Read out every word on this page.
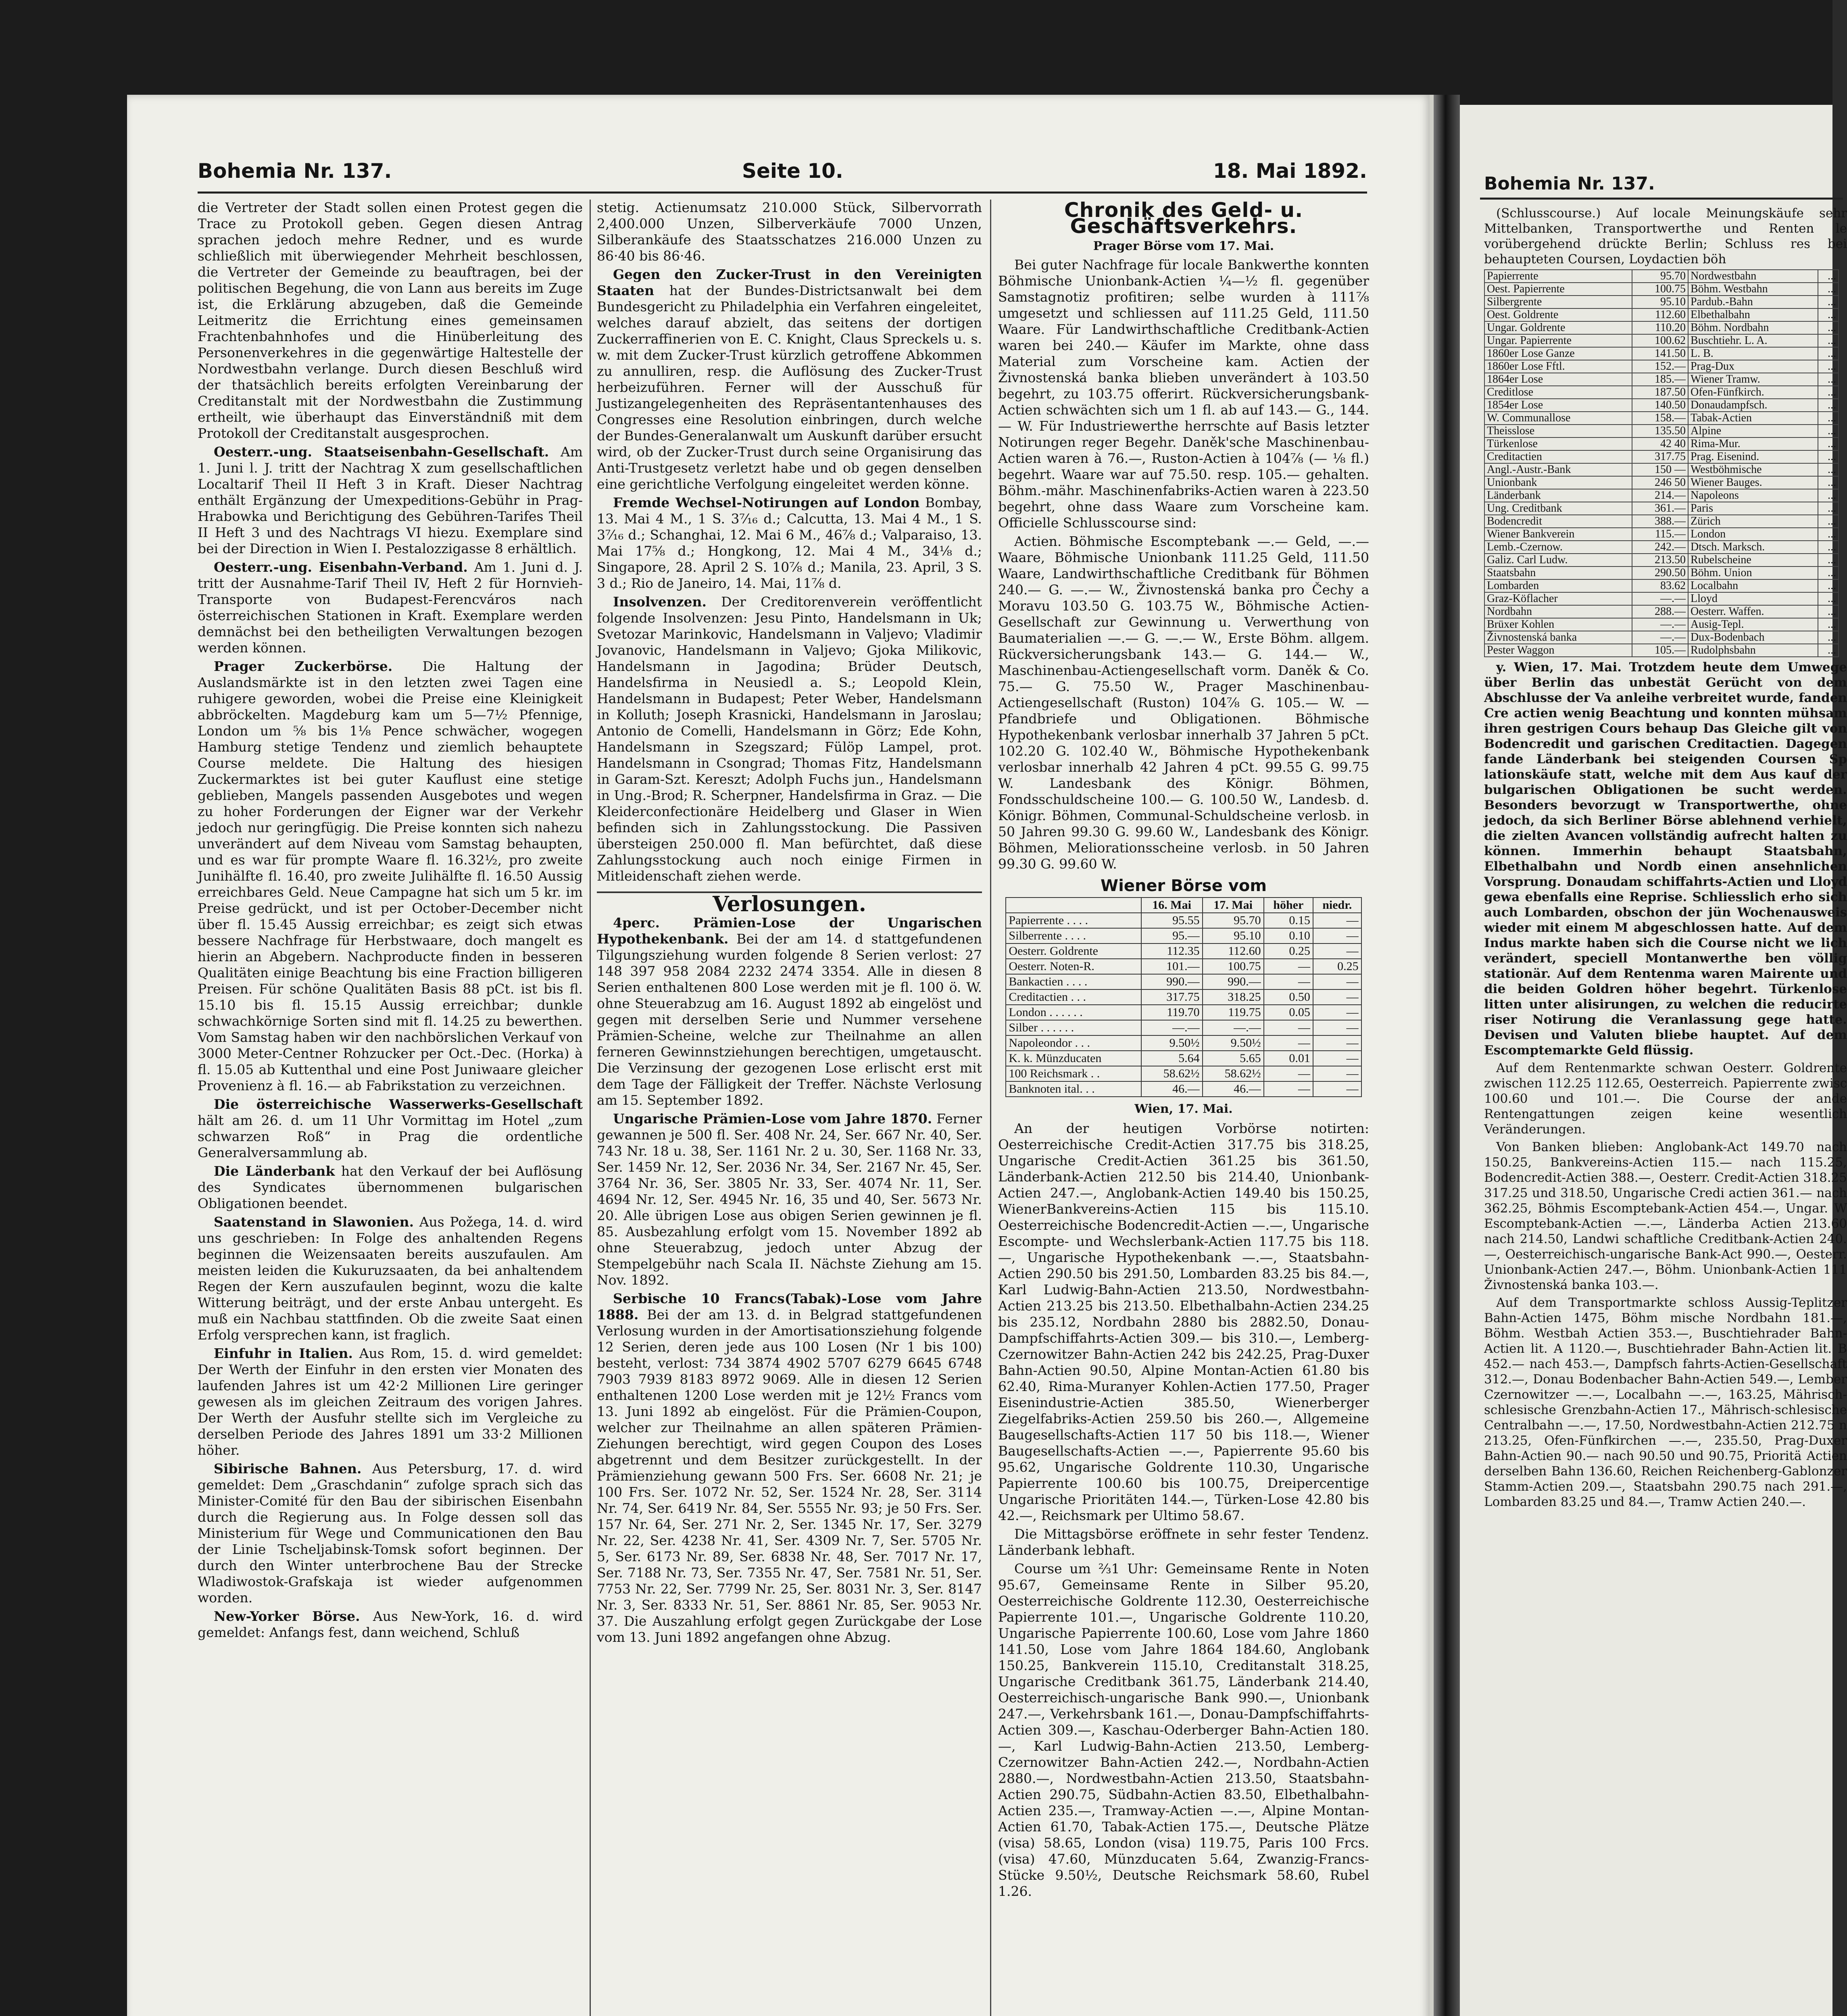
Bohemia Nr. 137.	Seite 10.	18. Mai 1892.

die Vertreter der Stadt sollen einen Protest gegen die Trace zu Protokoll geben. Gegen diesen Antrag sprachen jedoch mehre Redner, und es wurde schließlich mit überwiegender Mehrheit beschlossen, die Vertreter der Gemeinde zu beauftragen, bei der politischen Begehung, die von Lann aus bereits im Zuge ist, die Erklärung abzugeben, daß die Gemeinde Leitmeritz die Errichtung eines gemeinsamen Frachtenbahnhofes und die Hinüberleitung des Personenverkehres in die gegenwärtige Haltestelle der Nordwestbahn verlange. Durch diesen Beschluß wird der thatsächlich bereits erfolgten Vereinbarung der Creditanstalt mit der Nordwestbahn die Zustimmung ertheilt, wie überhaupt das Einverständniß mit dem Protokoll der Creditanstalt ausgesprochen.

Oesterr.-ung. Staatseisenbahn-Gesellschaft. Am 1. Juni l. J. tritt der Nachtrag X zum gesellschaftlichen Localtarif Theil II Heft 3 in Kraft. Dieser Nachtrag enthält Ergänzung der Umexpeditions-Gebühr in Prag-Hrabowka und Berichtigung des Gebühren-Tarifes Theil II Heft 3 und des Nachtrags VI hiezu. Exemplare sind bei der Direction in Wien I. Pestalozzigasse 8 erhältlich.

Oesterr.-ung. Eisenbahn-Verband. Am 1. Juni d. J. tritt der Ausnahme-Tarif Theil IV, Heft 2 für Hornvieh-Transporte von Budapest-Ferencváros nach österreichischen Stationen in Kraft. Exemplare werden demnächst bei den betheiligten Verwaltungen bezogen werden können.

Prager Zuckerbörse. Die Haltung der Auslandsmärkte ist in den letzten zwei Tagen eine ruhigere geworden, wobei die Preise eine Kleinigkeit abbröckelten. Magdeburg kam um 5—7½ Pfennige, London um ⅝ bis 1⅛ Pence schwächer, wogegen Hamburg stetige Tendenz und ziemlich behauptete Course meldete. Die Haltung des hiesigen Zuckermarktes ist bei guter Kauflust eine stetige geblieben, Mangels passenden Ausgebotes und wegen zu hoher Forderungen der Eigner war der Verkehr jedoch nur geringfügig. Die Preise konnten sich nahezu unverändert auf dem Niveau vom Samstag behaupten, und es war für prompte Waare fl. 16.32½, pro zweite Junihälfte fl. 16.40, pro zweite Julihälfte fl. 16.50 Aussig erreichbares Geld. Neue Campagne hat sich um 5 kr. im Preise gedrückt, und ist per October-December nicht über fl. 15.45 Aussig erreichbar; es zeigt sich etwas bessere Nachfrage für Herbstwaare, doch mangelt es hierin an Abgebern. Nachproducte finden in besseren Qualitäten einige Beachtung bis eine Fraction billigeren Preisen. Für schöne Qualitäten Basis 88 pCt. ist bis fl. 15.10 bis fl. 15.15 Aussig erreichbar; dunkle schwachkörnige Sorten sind mit fl. 14.25 zu bewerthen. Vom Samstag haben wir den nachbörslichen Verkauf von 3000 Meter-Centner Rohzucker per Oct.-Dec. (Horka) à fl. 15.05 ab Kuttenthal und eine Post Juniwaare gleicher Provenienz à fl. 16.— ab Fabrikstation zu verzeichnen.

Die österreichische Wasserwerks-Gesellschaft hält am 26. d. um 11 Uhr Vormittag im Hotel „zum schwarzen Roß“ in Prag die ordentliche Generalversammlung ab.

Die Länderbank hat den Verkauf der bei Auflösung des Syndicates übernommenen bulgarischen Obligationen beendet.

Saatenstand in Slawonien. Aus Požega, 14. d. wird uns geschrieben: In Folge des anhaltenden Regens beginnen die Weizensaaten bereits auszufaulen. Am meisten leiden die Kukuruzsaaten, da bei anhaltendem Regen der Kern auszufaulen beginnt, wozu die kalte Witterung beiträgt, und der erste Anbau untergeht. Es muß ein Nachbau stattfinden. Ob die zweite Saat einen Erfolg versprechen kann, ist fraglich.

Einfuhr in Italien. Aus Rom, 15. d. wird gemeldet: Der Werth der Einfuhr in den ersten vier Monaten des laufenden Jahres ist um 42·2 Millionen Lire geringer gewesen als im gleichen Zeitraum des vorigen Jahres. Der Werth der Ausfuhr stellte sich im Vergleiche zu derselben Periode des Jahres 1891 um 33·2 Millionen höher.

Sibirische Bahnen. Aus Petersburg, 17. d. wird gemeldet: Dem „Graschdanin“ zufolge sprach sich das Minister-Comité für den Bau der sibirischen Eisenbahn durch die Regierung aus. In Folge dessen soll das Ministerium für Wege und Communicationen den Bau der Linie Tscheljabinsk-Tomsk sofort beginnen. Der durch den Winter unterbrochene Bau der Strecke Wladiwostok-Grafskaja ist wieder aufgenommen worden.

New-Yorker Börse. Aus New-York, 16. d. wird gemeldet: Anfangs fest, dann weichend, Schluß

stetig. Actienumsatz 210.000 Stück, Silbervorrath 2,400.000 Unzen, Silberverkäufe 7000 Unzen, Silberankäufe des Staatsschatzes 216.000 Unzen zu 86·40 bis 86·46.

Gegen den Zucker-Trust in den Vereinigten Staaten hat der Bundes-Districtsanwalt bei dem Bundesgericht zu Philadelphia ein Verfahren eingeleitet, welches darauf abzielt, das seitens der dortigen Zuckerraffinerien von E. C. Knight, Claus Spreckels u. s. w. mit dem Zucker-Trust kürzlich getroffene Abkommen zu annulliren, resp. die Auflösung des Zucker-Trust herbeizuführen. Ferner will der Ausschuß für Justizangelegenheiten des Repräsentantenhauses des Congresses eine Resolution einbringen, durch welche der Bundes-Generalanwalt um Auskunft darüber ersucht wird, ob der Zucker-Trust durch seine Organisirung das Anti-Trustgesetz verletzt habe und ob gegen denselben eine gerichtliche Verfolgung eingeleitet werden könne.

Fremde Wechsel-Notirungen auf London Bombay, 13. Mai 4 M., 1 S. 3⁷⁄₁₆ d.; Calcutta, 13. Mai 4 M., 1 S. 3⁷⁄₁₆ d.; Schanghai, 12. Mai 6 M., 46⅞ d.; Valparaiso, 13. Mai 17⅝ d.; Hongkong, 12. Mai 4 M., 34⅛ d.; Singapore, 28. April 2 S. 10⅞ d.; Manila, 23. April, 3 S. 3 d.; Rio de Janeiro, 14. Mai, 11⅞ d.

Insolvenzen. Der Creditorenverein veröffentlicht folgende Insolvenzen: Jesu Pinto, Handelsmann in Uk; Svetozar Marinkovic, Handelsmann in Valjevo; Vladimir Jovanovic, Handelsmann in Valjevo; Gjoka Milikovic, Handelsmann in Jagodina; Brüder Deutsch, Handelsfirma in Neusiedl a. S.; Leopold Klein, Handelsmann in Budapest; Peter Weber, Handelsmann in Kolluth; Joseph Krasnicki, Handelsmann in Jaroslau; Antonio de Comelli, Handelsmann in Görz; Ede Kohn, Handelsmann in Szegszard; Fülöp Lampel, prot. Handelsmann in Csongrad; Thomas Fitz, Handelsmann in Garam-Szt. Kereszt; Adolph Fuchs jun., Handelsmann in Ung.-Brod; R. Scherpner, Handelsfirma in Graz. — Die Kleiderconfectionäre Heidelberg und Glaser in Wien befinden sich in Zahlungsstockung. Die Passiven übersteigen 250.000 fl. Man befürchtet, daß diese Zahlungsstockung auch noch einige Firmen in Mitleidenschaft ziehen werde.

Verlosungen.

4perc. Prämien-Lose der Ungarischen Hypothekenbank. Bei der am 14. d stattgefundenen Tilgungsziehung wurden folgende 8 Serien verlost: 27 148 397 958 2084 2232 2474 3354. Alle in diesen 8 Serien enthaltenen 800 Lose werden mit je fl. 100 ö. W. ohne Steuerabzug am 16. August 1892 ab eingelöst und gegen mit derselben Serie und Nummer versehene Prämien-Scheine, welche zur Theilnahme an allen ferneren Gewinnstziehungen berechtigen, umgetauscht. Die Verzinsung der gezogenen Lose erlischt erst mit dem Tage der Fälligkeit der Treffer. Nächste Verlosung am 15. September 1892.

Ungarische Prämien-Lose vom Jahre 1870. Ferner gewannen je 500 fl. Ser. 408 Nr. 24, Ser. 667 Nr. 40, Ser. 743 Nr. 18 u. 38, Ser. 1161 Nr. 2 u. 30, Ser. 1168 Nr. 33, Ser. 1459 Nr. 12, Ser. 2036 Nr. 34, Ser. 2167 Nr. 45, Ser. 3764 Nr. 36, Ser. 3805 Nr. 33, Ser. 4074 Nr. 11, Ser. 4694 Nr. 12, Ser. 4945 Nr. 16, 35 und 40, Ser. 5673 Nr. 20. Alle übrigen Lose aus obigen Serien gewinnen je fl. 85. Ausbezahlung erfolgt vom 15. November 1892 ab ohne Steuerabzug, jedoch unter Abzug der Stempelgebühr nach Scala II. Nächste Ziehung am 15. Nov. 1892.

Serbische 10 Francs(Tabak)-Lose vom Jahre 1888. Bei der am 13. d. in Belgrad stattgefundenen Verlosung wurden in der Amortisationsziehung folgende 12 Serien, deren jede aus 100 Losen (Nr 1 bis 100) besteht, verlost: 734 3874 4902 5707 6279 6645 6748 7903 7939 8183 8972 9069. Alle in diesen 12 Serien enthaltenen 1200 Lose werden mit je 12½ Francs vom 13. Juni 1892 ab eingelöst. Für die Prämien-Coupon, welcher zur Theilnahme an allen späteren Prämien-Ziehungen berechtigt, wird gegen Coupon des Loses abgetrennt und dem Besitzer zurückgestellt. In der Prämienziehung gewann 500 Frs. Ser. 6608 Nr. 21; je 100 Frs. Ser. 1072 Nr. 52, Ser. 1524 Nr. 28, Ser. 3114 Nr. 74, Ser. 6419 Nr. 84, Ser. 5555 Nr. 93; je 50 Frs. Ser. 157 Nr. 64, Ser. 271 Nr. 2, Ser. 1345 Nr. 17, Ser. 3279 Nr. 22, Ser. 4238 Nr. 41, Ser. 4309 Nr. 7, Ser. 5705 Nr. 5, Ser. 6173 Nr. 89, Ser. 6838 Nr. 48, Ser. 7017 Nr. 17, Ser. 7188 Nr. 73, Ser. 7355 Nr. 47, Ser. 7581 Nr. 51, Ser. 7753 Nr. 22, Ser. 7799 Nr. 25, Ser. 8031 Nr. 3, Ser. 8147 Nr. 3, Ser. 8333 Nr. 51, Ser. 8861 Nr. 85, Ser. 9053 Nr. 37. Die Auszahlung erfolgt gegen Zurückgabe der Lose vom 13. Juni 1892 angefangen ohne Abzug.

Chronik des Geld- u. Geschäftsverkehrs.
Prager Börse vom 17. Mai.

Bei guter Nachfrage für locale Bankwerthe konnten Böhmische Unionbank-Actien ¼—½ fl. gegenüber Samstagnotiz profitiren; selbe wurden à 111⅞ umgesetzt und schliessen auf 111.25 Geld, 111.50 Waare. Für Landwirthschaftliche Creditbank-Actien waren bei 240.— Käufer im Markte, ohne dass Material zum Vorscheine kam. Actien der Živnostenská banka blieben unverändert à 103.50 begehrt, zu 103.75 offerirt. Rückversicherungsbank-Actien schwächten sich um 1 fl. ab auf 143.— G., 144.— W. Für Industriewerthe herrschte auf Basis letzter Notirungen reger Begehr. Daněk'sche Maschinenbau-Actien waren à 76.—, Ruston-Actien à 104⅞ (— ⅛ fl.) begehrt. Waare war auf 75.50. resp. 105.— gehalten. Böhm.-mähr. Maschinenfabriks-Actien waren à 223.50 begehrt, ohne dass Waare zum Vorscheine kam. Officielle Schlusscourse sind:

Actien. Böhmische Escomptebank —.— Geld, —.— Waare, Böhmische Unionbank 111.25 Geld, 111.50 Waare, Landwirthschaftliche Creditbank für Böhmen 240.— G. —.— W., Živnostenská banka pro Čechy a Moravu 103.50 G. 103.75 W., Böhmische Actien-Gesellschaft zur Gewinnung u. Verwerthung von Baumaterialien —.— G. —.— W., Erste Böhm. allgem. Rückversicherungsbank 143.— G. 144.— W., Maschinenbau-Actiengesellschaft vorm. Daněk & Co. 75.— G. 75.50 W., Prager Maschinenbau-Actiengesellschaft (Ruston) 104⅞ G. 105.— W. — Pfandbriefe und Obligationen. Böhmische Hypothekenbank verlosbar innerhalb 37 Jahren 5 pCt. 102.20 G. 102.40 W., Böhmische Hypothekenbank verlosbar innerhalb 42 Jahren 4 pCt. 99.55 G. 99.75 W. Landesbank des Königr. Böhmen, Fondsschuldscheine 100.— G. 100.50 W., Landesb. d. Königr. Böhmen, Communal-Schuldscheine verlosb. in 50 Jahren 99.30 G. 99.60 W., Landesbank des Königr. Böhmen, Meliorationsscheine verlosb. in 50 Jahren 99.30 G. 99.60 W.

Wiener Börse vom
	16. Mai	17. Mai	höher	niedr.
Papierrente . . . .	95.55	95.70	0.15	—
Silberrente . . . .	95.—	95.10	0.10	—
Oesterr. Goldrente	112.35	112.60	0.25	—
Oesterr. Noten-R.	101.—	100.75	—	0.25
Bankactien . . . .	990.—	990.—	—	—
Creditactien . . .	317.75	318.25	0.50	—
London . . . . . .	119.70	119.75	0.05	—
Silber . . . . . .	—.—	—.—	—	—
Napoleondor . . .	9.50½	9.50½	—	—
K. k. Münzducaten	5.64	5.65	0.01	—
100 Reichsmark . .	58.62½	58.62½	—	—
Banknoten ital. . .	46.—	46.—	—	—
Wien, 17. Mai.

An der heutigen Vorbörse notirten: Oesterreichische Credit-Actien 317.75 bis 318.25, Ungarische Credit-Actien 361.25 bis 361.50, Länderbank-Actien 212.50 bis 214.40, Unionbank-Actien 247.—, Anglobank-Actien 149.40 bis 150.25, WienerBankvereins-Actien 115 bis 115.10. Oesterreichische Bodencredit-Actien —.—, Ungarische Escompte- und Wechslerbank-Actien 117.75 bis 118.—, Ungarische Hypothekenbank —.—, Staatsbahn-Actien 290.50 bis 291.50, Lombarden 83.25 bis 84.—, Karl Ludwig-Bahn-Actien 213.50, Nordwestbahn-Actien 213.25 bis 213.50. Elbethalbahn-Actien 234.25 bis 235.12, Nordbahn 2880 bis 2882.50, Donau-Dampfschiffahrts-Actien 309.— bis 310.—, Lemberg-Czernowitzer Bahn-Actien 242 bis 242.25, Prag-Duxer Bahn-Actien 90.50, Alpine Montan-Actien 61.80 bis 62.40, Rima-Muranyer Kohlen-Actien 177.50, Prager Eisenindustrie-Actien 385.50, Wienerberger Ziegelfabriks-Actien 259.50 bis 260.—, Allgemeine Baugesellschafts-Actien 117 50 bis 118.—, Wiener Baugesellschafts-Actien —.—, Papierrente 95.60 bis 95.62, Ungarische Goldrente 110.30, Ungarische Papierrente 100.60 bis 100.75, Dreipercentige Ungarische Prioritäten 144.—, Türken-Lose 42.80 bis 42.—, Reichsmark per Ultimo 58.67.

Die Mittagsbörse eröffnete in sehr fester Tendenz. Länderbank lebhaft.

Course um ⅔1 Uhr: Gemeinsame Rente in Noten 95.67, Gemeinsame Rente in Silber 95.20, Oesterreichische Goldrente 112.30, Oesterreichische Papierrente 101.—, Ungarische Goldrente 110.20, Ungarische Papierrente 100.60, Lose vom Jahre 1860 141.50, Lose vom Jahre 1864 184.60, Anglobank 150.25, Bankverein 115.10, Creditanstalt 318.25, Ungarische Creditbank 361.75, Länderbank 214.40, Oesterreichisch-ungarische Bank 990.—, Unionbank 247.—, Verkehrsbank 161.—, Donau-Dampfschiffahrts-Actien 309.—, Kaschau-Oderberger Bahn-Actien 180.—, Karl Ludwig-Bahn-Actien 213.50, Lemberg-Czernowitzer Bahn-Actien 242.—, Nordbahn-Actien 2880.—, Nordwestbahn-Actien 213.50, Staatsbahn-Actien 290.75, Südbahn-Actien 83.50, Elbethalbahn-Actien 235.—, Tramway-Actien —.—, Alpine Montan-Actien 61.70, Tabak-Actien 175.—, Deutsche Plätze (visa) 58.65, London (visa) 119.75, Paris 100 Frcs. (visa) 47.60, Münzducaten 5.64, Zwanzig-Francs-Stücke 9.50½, Deutsche Reichsmark 58.60, Rubel 1.26.

Bohemia Nr. 137.

(Schlusscourse.) Auf locale Meinungskäufe sehr Mittelbanken, Transportwerthe und Renten le vorübergehend drückte Berlin; Schluss res bei behaupteten Coursen, Loydactien böh

Papierrente	95.70	Nordwestbahn	...
Oest. Papierrente	100.75	Böhm. Westbahn	...
Silbergrente	95.10	Pardub.-Bahn	...
Oest. Goldrente	112.60	Elbethalbahn	...
Ungar. Goldrente	110.20	Böhm. Nordbahn	...
Ungar. Papierrente	100.62	Buschtiehr. L. A.	...
1860er Lose Ganze	141.50	L. B.	...
1860er Lose Fftl.	152.—	Prag-Dux	...
1864er Lose	185.—	Wiener Tramw.	...
Creditlose	187.50	Ofen-Fünfkirch.	...
1854er Lose	140.50	Donaudampfsch.	...
W. Communallose	158.—	Tabak-Actien	...
Theisslose	135.50	Alpine	...
Türkenlose	42 40	Rima-Mur.	...
Creditactien	317.75	Prag. Eisenind.	...
Angl.-Austr.-Bank	150 —	Westböhmische	...
Unionbank	246 50	Wiener Bauges.	...
Länderbank	214.—	Napoleons	...
Ung. Creditbank	361.—	Paris	...
Bodencredit	388.—	Zürich	...
Wiener Bankverein	115.—	London	...
Lemb.-Czernow.	242.—	Dtsch. Marksch.	...
Galiz. Carl Ludw.	213.50	Rubelscheine	...
Staatsbahn	290.50	Böhm. Union	...
Lombarden	83.62	Localbahn	...
Graz-Köflacher	—.—	Lloyd	...
Nordbahn	288.—	Oesterr. Waffen.	...
Brüxer Kohlen	—.—	Ausig-Tepl.	...
Živnostenská banka	—.—	Dux-Bodenbach	...
Pester Waggon	105.—	Rudolphsbahn	...

y. Wien, 17. Mai. Trotzdem heute dem Umwege über Berlin das unbestät Gerücht von dem Abschlusse der Va anleihe verbreitet wurde, fanden Cre actien wenig Beachtung und konnten mühsam ihren gestrigen Cours behaup Das Gleiche gilt von Bodencredit und garischen Creditactien. Dagegen fande Länderbank bei steigenden Coursen Sp lationskäufe statt, welche mit dem Aus kauf der bulgarischen Obligationen be sucht werden. Besonders bevorzugt w Transportwerthe, ohne jedoch, da sich Berliner Börse ablehnend verhielt, die zielten Avancen vollständig aufrecht halten zu können. Immerhin behaupt Staatsbahn, Elbethalbahn und Nordb einen ansehnlichen Vorsprung. Donaudam schiffahrts-Actien und Lloyd gewa ebenfalls eine Reprise. Schliesslich erho sich auch Lombarden, obschon der jün Wochenausweis wieder mit einem M abgeschlossen hatte. Auf dem Indus markte haben sich die Course nicht we lich verändert, speciell Montanwerthe ben völlig stationär. Auf dem Rentenma waren Mairente und die beiden Goldren höher begehrt. Türkenlose litten unter alisirungen, zu welchen die reducirte riser Notirung die Veranlassung gege hatte. Devisen und Valuten bliebe hauptet. Auf dem Escomptemarkte Geld flüssig.

Auf dem Rentenmarkte schwan Oesterr. Goldrente zwischen 112.25 112.65, Oesterreich. Papierrente zwisc 100.60 und 101.—. Die Course der ande Rentengattungen zeigen keine wesentlich Veränderungen.

Von Banken blieben: Anglobank-Act 149.70 nach 150.25, Bankvereins-Actien 115.— nach 115.25, Bodencredit-Actien 388.—, Oesterr. Credit-Actien 318.25 317.25 und 318.50, Ungarische Credi actien 361.— nach 362.25, Böhmis Escomptebank-Actien 454.—, Ungar. W Escomptebank-Actien —.—, Länderba Actien 213.60 nach 214.50, Landwi schaftliche Creditbank-Actien 240.—, Oesterreichisch-ungarische Bank-Act 990.—, Oesterr. Unionbank-Actien 247.—, Böhm. Unionbank-Actien 111 Živnostenská banka 103.—.

Auf dem Transportmarkte schloss Aussig-Teplitzer Bahn-Actien 1475, Böhm mische Nordbahn 181.—, Böhm. Westbah Actien 353.—, Buschtiehrader Bahn-Actien lit. A 1120.—, Buschtiehrader Bahn-Actien lit. B 452.— nach 453.—, Dampfsch fahrts-Actien-Gesellschaft 312.—, Donau Bodenbacher Bahn-Actien 549.—, Lember Czernowitzer —.—, Localbahn —.—, 163.25, Mährisch-schlesische Grenzbahn-Actien 17., Mährisch-schlesische Centralbahn —.—, 17.50, Nordwestbahn-Actien 212.75 n 213.25, Ofen-Fünfkirchen —.—, 235.50, Prag-Duxer Bahn-Actien 90.— nach 90.50 und 90.75, Prioritä Actien derselben Bahn 136.60, Reichen Reichenberg-Gablonzer Stamm-Actien 209.—, Staatsbahn 290.75 nach 291.—, Lombarden 83.25 und 84.—, Tramw Actien 240.—.
